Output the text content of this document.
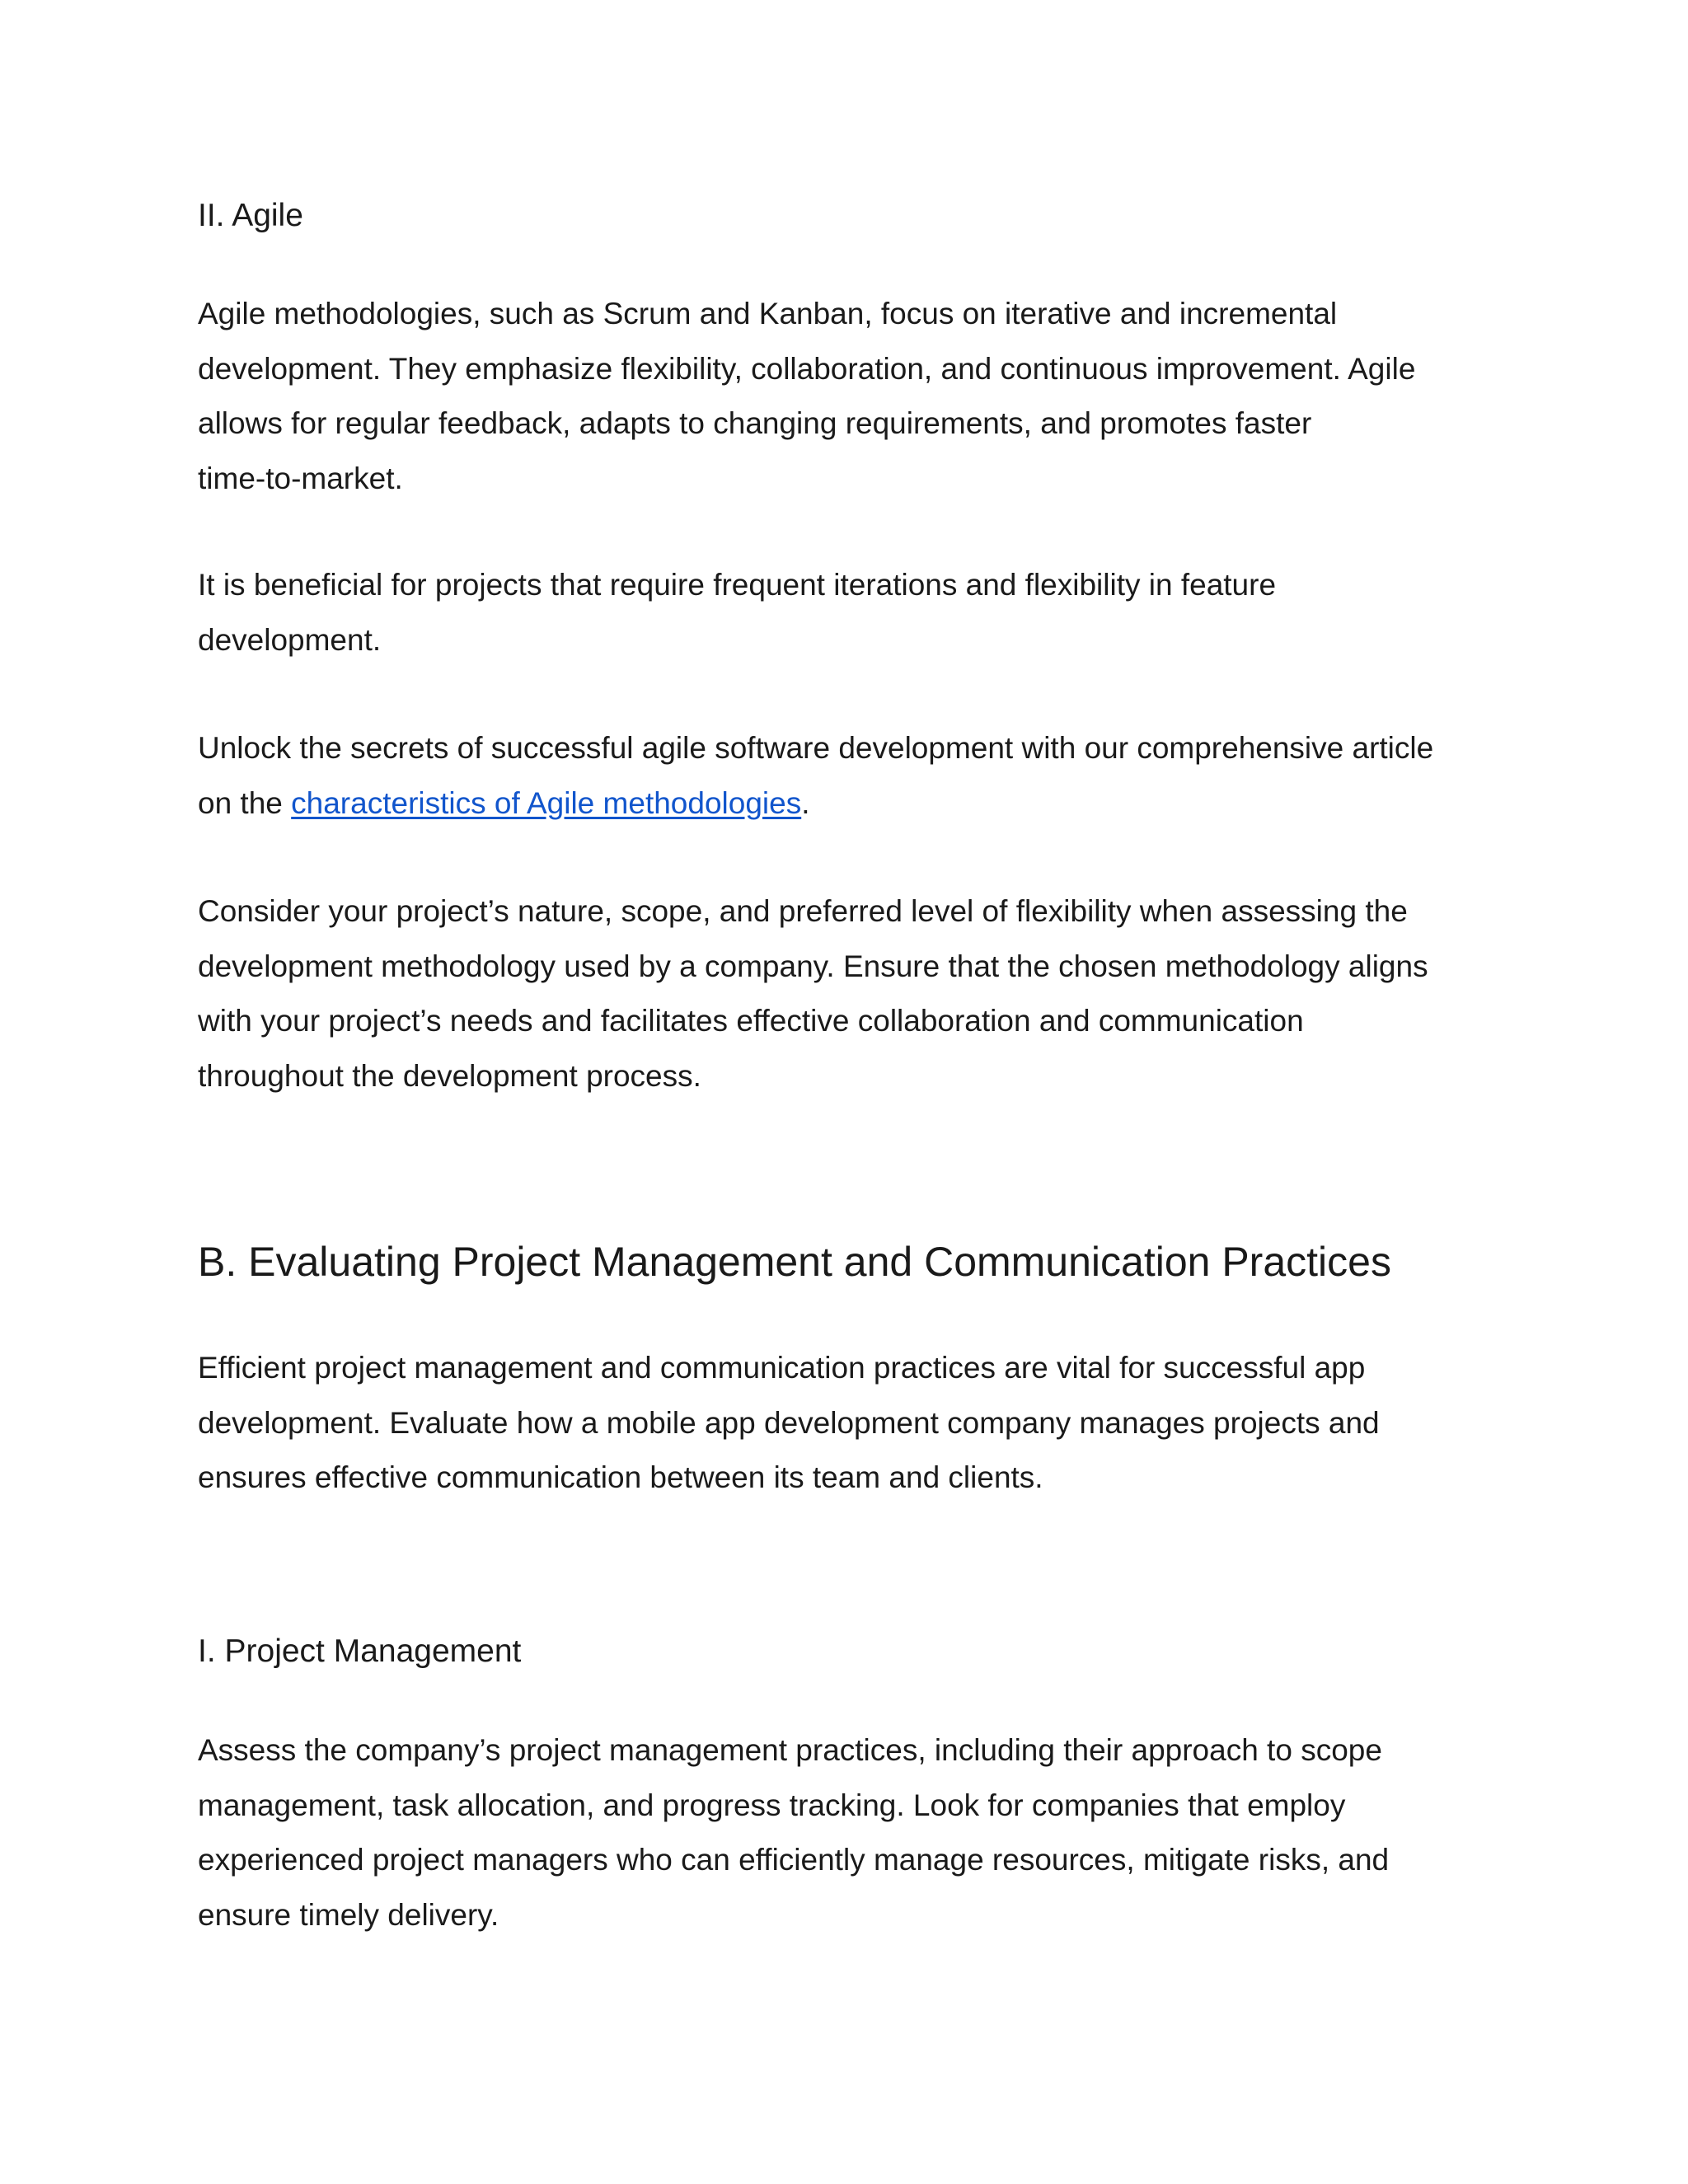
II. Agile

Agile methodologies, such as Scrum and Kanban, focus on iterative and incremental
development. They emphasize flexibility, collaboration, and continuous improvement. Agile
allows for regular feedback, adapts to changing requirements, and promotes faster
time-to-market.

It is beneficial for projects that require frequent iterations and flexibility in feature
development.

Unlock the secrets of successful agile software development with our comprehensive article
on the characteristics of Agile methodologies.

Consider your project’s nature, scope, and preferred level of flexibility when assessing the
development methodology used by a company. Ensure that the chosen methodology aligns
with your project’s needs and facilitates effective collaboration and communication
throughout the development process.

B. Evaluating Project Management and Communication Practices

Efficient project management and communication practices are vital for successful app
development. Evaluate how a mobile app development company manages projects and
ensures effective communication between its team and clients.

I. Project Management

Assess the company’s project management practices, including their approach to scope
management, task allocation, and progress tracking. Look for companies that employ
experienced project managers who can efficiently manage resources, mitigate risks, and
ensure timely delivery.
